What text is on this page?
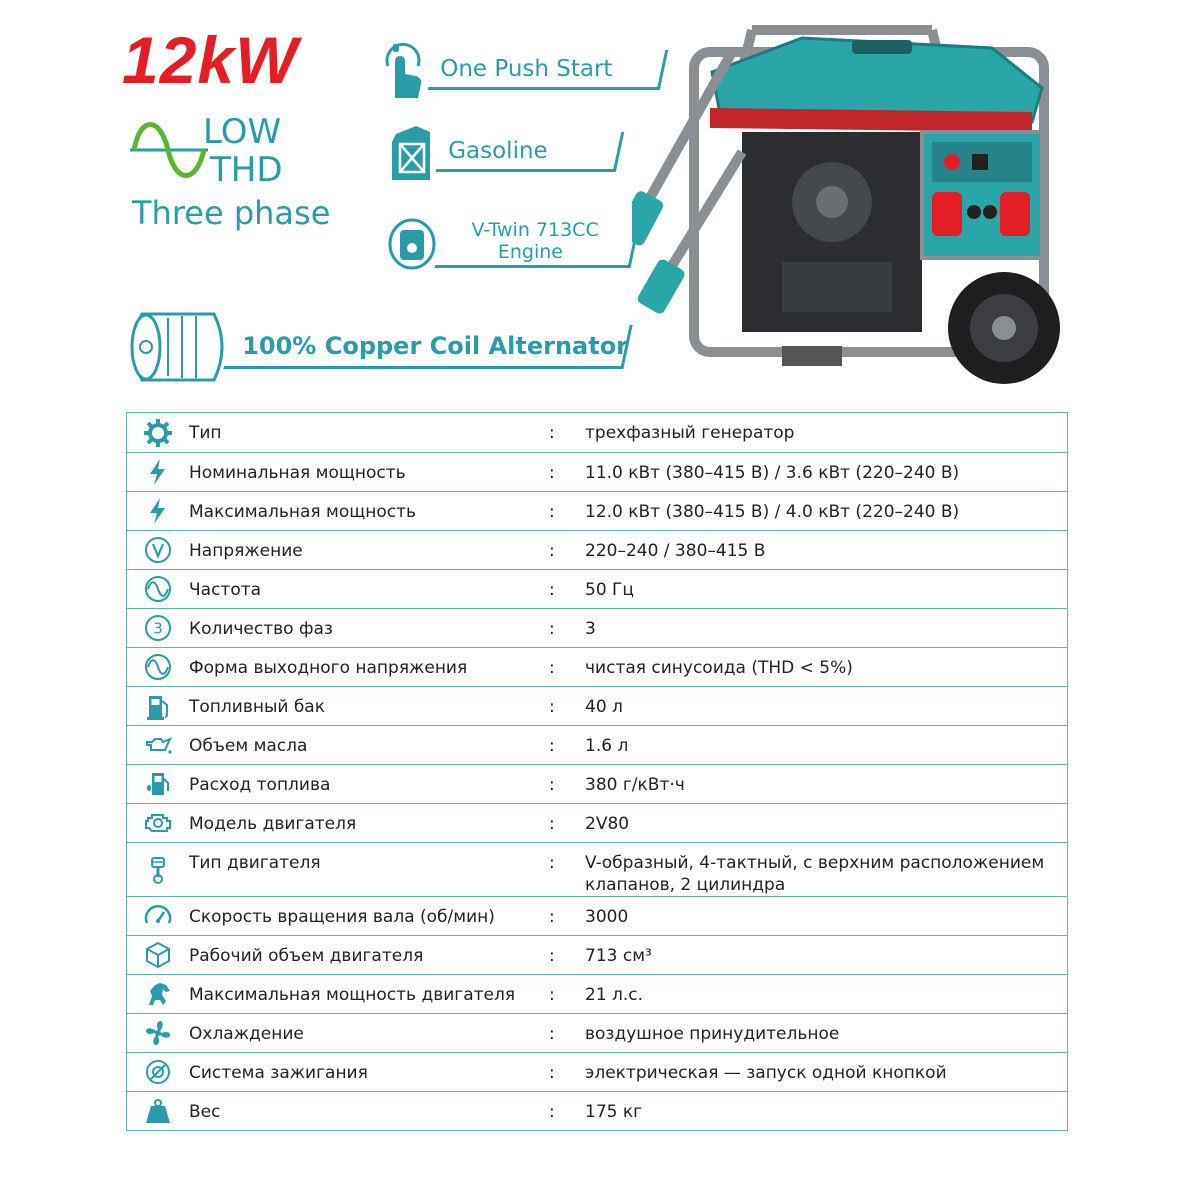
12kW
LOW
THD
Three phase
One Push Start
Gasoline
V-Twin 713CC
Engine
100% Copper Coil Alternator
Тип	:	трехфазный генератор
Номинальная мощность	:	11.0 кВт (380–415 В) / 3.6 кВт (220–240 В)
Максимальная мощность	:	12.0 кВт (380–415 В) / 4.0 кВт (220–240 В)
Напряжение	:	220–240 / 380–415 В
Частота	:	50 Гц
3 Количество фаз	:	3
Форма выходного напряжения	:	чистая синусоида (THD < 5%)
Топливный бак	:	40 л
Объем масла	:	1.6 л
Расход топлива	:	380 г/кВт·ч
Модель двигателя	:	2V80
Тип двигателя	:	V-образный, 4-тактный, с верхним расположением клапанов, 2 цилиндра
Скорость вращения вала (об/мин)	:	3000
Рабочий объем двигателя	:	713 см³
Максимальная мощность двигателя	:	21 л.с.
Охлаждение	:	воздушное принудительное
Система зажигания	:	электрическая — запуск одной кнопкой
Вес	:	175 кг
